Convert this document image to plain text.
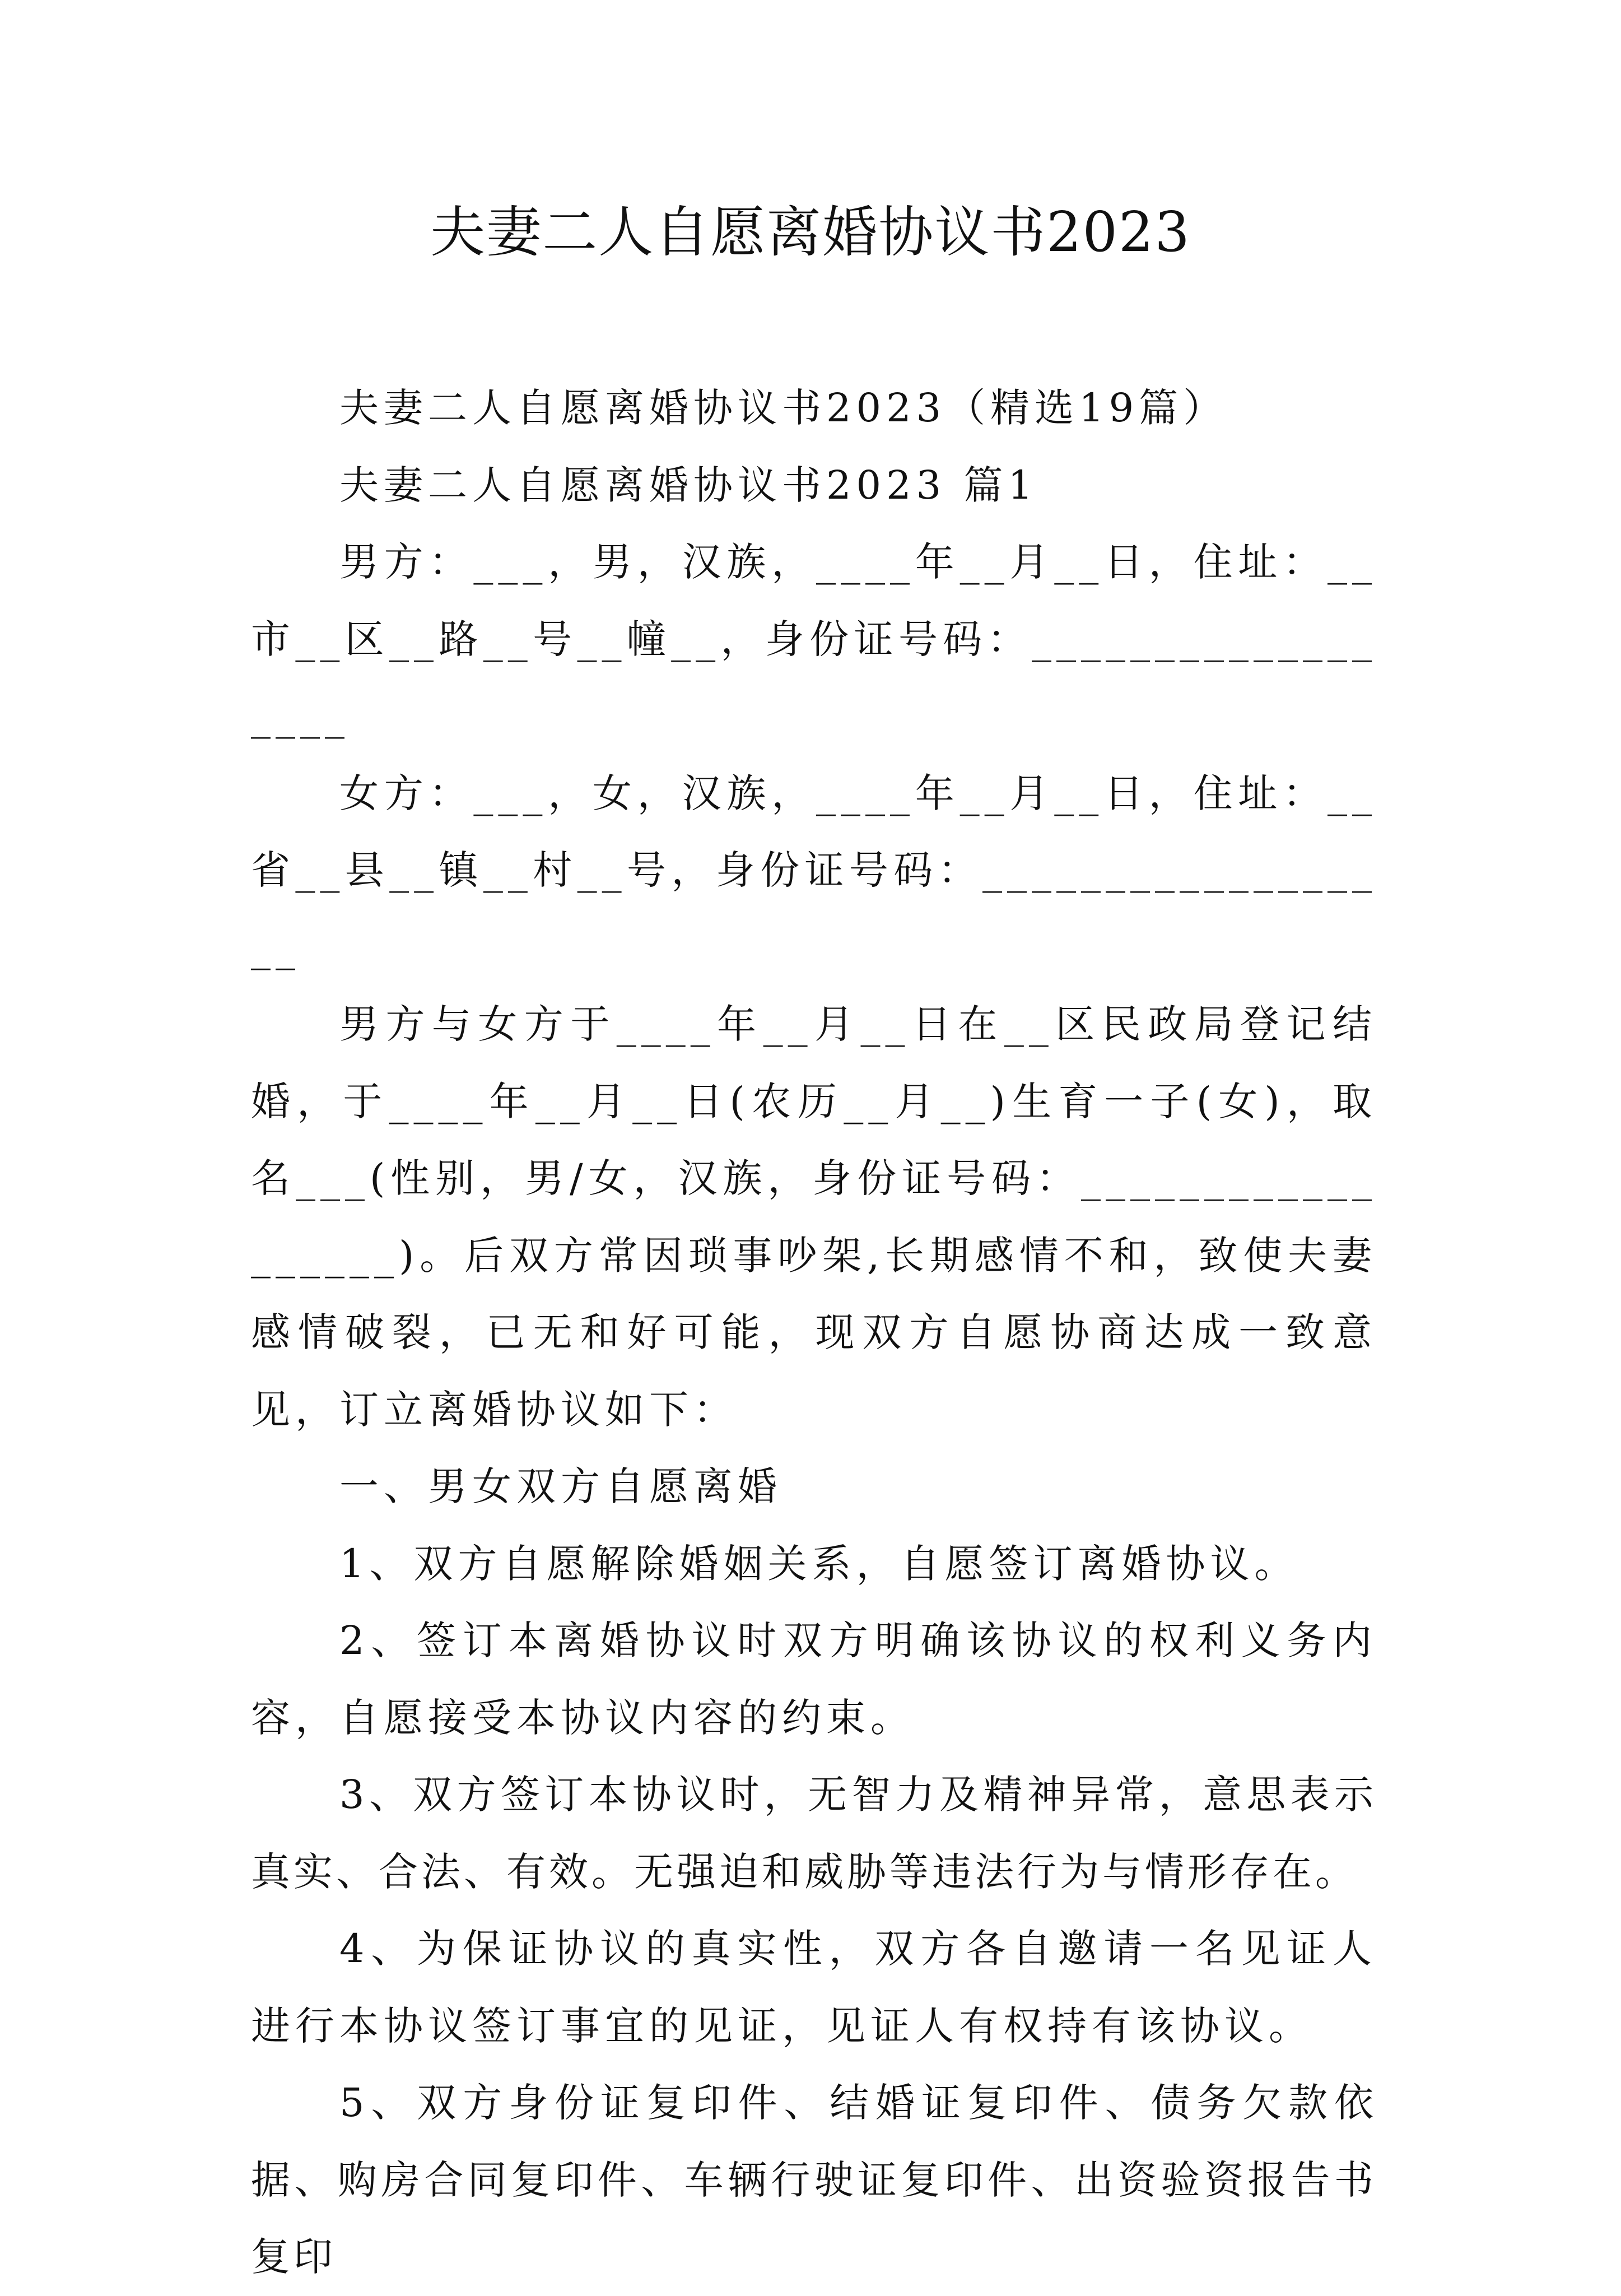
夫妻二人自愿离婚协议书2023

夫妻二人自愿离婚协议书2023（精选19篇）

夫妻二人自愿离婚协议书2023 篇1

男方：___，男，汉族，____年__月__日，住址：__市__区__路__号__幢__，身份证号码：__________________

女方：___，女，汉族，____年__月__日，住址：__省__县__镇__村__号，身份证号码：__________________

男方与女方于____年__月__日在__区民政局登记结婚，于____年__月__日(农历__月__)生育一子(女)，取名___(性别，男/女，汉族，身份证号码：__________________)。后双方常因琐事吵架,长期感情不和，致使夫妻感情破裂，已无和好可能，现双方自愿协商达成一致意见，订立离婚协议如下：

一、男女双方自愿离婚

1、双方自愿解除婚姻关系，自愿签订离婚协议。

2、签订本离婚协议时双方明确该协议的权利义务内容，自愿接受本协议内容的约束。

3、双方签订本协议时，无智力及精神异常，意思表示真实、合法、有效。无强迫和威胁等违法行为与情形存在。

4、为保证协议的真实性，双方各自邀请一名见证人进行本协议签订事宜的见证，见证人有权持有该协议。

5、双方身份证复印件、结婚证复印件、债务欠款依据、购房合同复印件、车辆行驶证复印件、出资验资报告书复印
